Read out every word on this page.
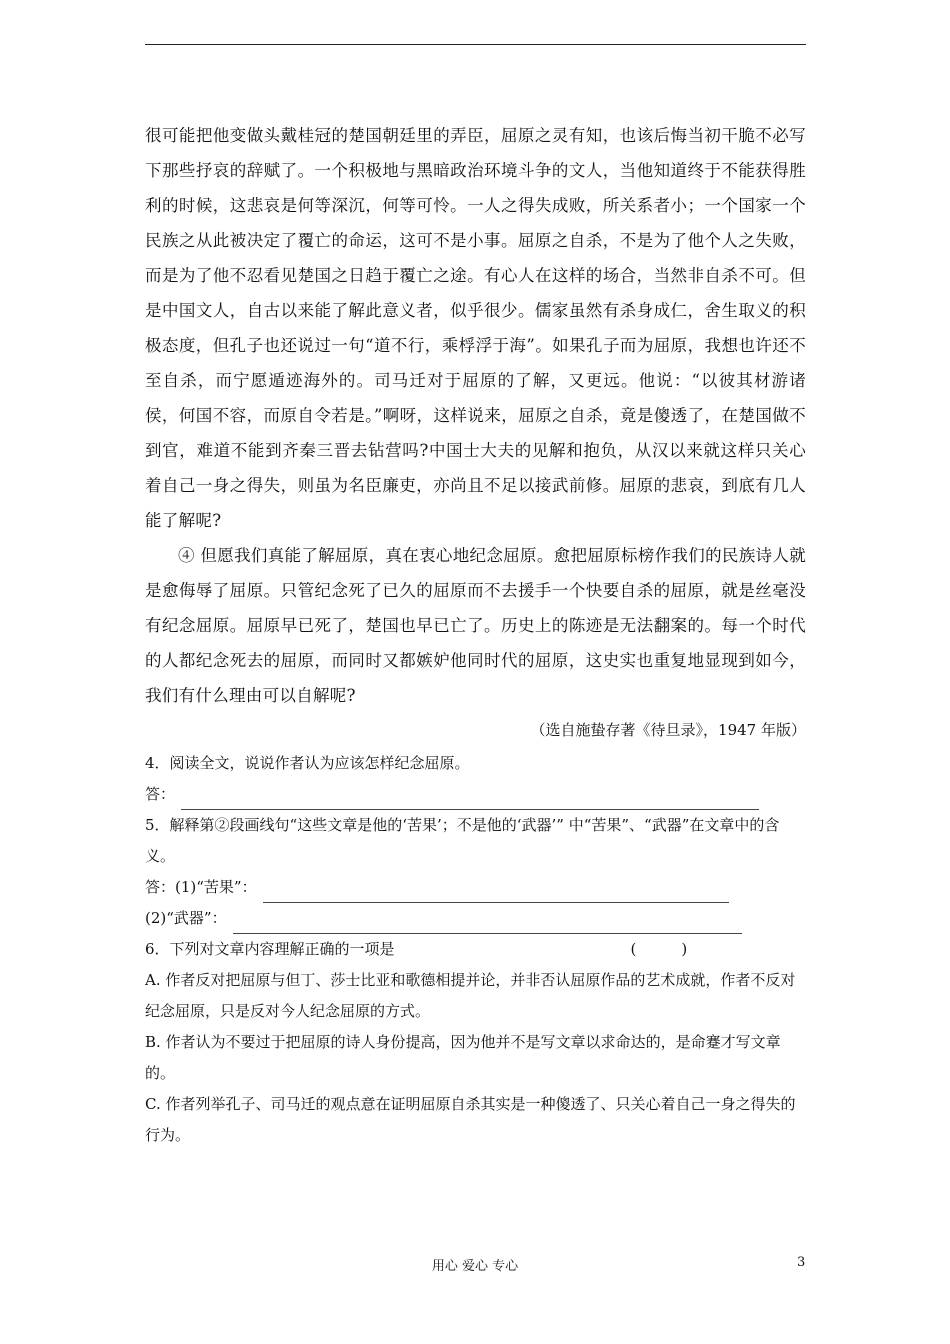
很可能把他变做头戴桂冠的楚国朝廷里的弄臣，屈原之灵有知，也该后悔当初干脆不必写下那些抒哀的辞赋了。一个积极地与黑暗政治环境斗争的文人，当他知道终于不能获得胜利的时候，这悲哀是何等深沉，何等可怜。一人之得失成败，所关系者小；一个国家一个民族之从此被决定了覆亡的命运，这可不是小事。屈原之自杀，不是为了他个人之失败，而是为了他不忍看见楚国之日趋于覆亡之途。有心人在这样的场合，当然非自杀不可。但是中国文人，自古以来能了解此意义者，似乎很少。儒家虽然有杀身成仁，舍生取义的积极态度，但孔子也还说过一句“道不行，乘桴浮于海”。如果孔子而为屈原，我想也许还不至自杀，而宁愿遁迹海外的。司马迁对于屈原的了解，又更远。他说：“以彼其材游诸侯，何国不容，而原自令若是。”啊呀，这样说来，屈原之自杀，竟是傻透了，在楚国做不到官，难道不能到齐秦三晋去钻营吗?中国士大夫的见解和抱负，从汉以来就这样只关心着自己一身之得失，则虽为名臣廉吏，亦尚且不足以接武前修。屈原的悲哀，到底有几人能了解呢?

④ 但愿我们真能了解屈原，真在衷心地纪念屈原。愈把屈原标榜作我们的民族诗人就是愈侮辱了屈原。只管纪念死了已久的屈原而不去援手一个快要自杀的屈原，就是丝毫没有纪念屈原。屈原早已死了，楚国也早已亡了。历史上的陈迹是无法翻案的。每一个时代的人都纪念死去的屈原，而同时又都嫉妒他同时代的屈原，这史实也重复地显现到如今，我们有什么理由可以自解呢?

（选自施蛰存著《待旦录》，1947 年版）

4．阅读全文，说说作者认为应该怎样纪念屈原。

答：

5．解释第②段画线句“这些文章是他的‘苦果’；不是他的‘武器’” 中“苦果”、“武器”在文章中的含义。

答：(1)“苦果”：
(2)“武器”：

6．下列对文章内容理解正确的一项是	(　　　)

A. 作者反对把屈原与但丁、莎士比亚和歌德相提并论，并非否认屈原作品的艺术成就，作者不反对纪念屈原，只是反对今人纪念屈原的方式。

B. 作者认为不要过于把屈原的诗人身份提高，因为他并不是写文章以求命达的，是命蹇才写文章的。

C. 作者列举孔子、司马迁的观点意在证明屈原自杀其实是一种傻透了、只关心着自己一身之得失的行为。

用心 爱心 专心	3
